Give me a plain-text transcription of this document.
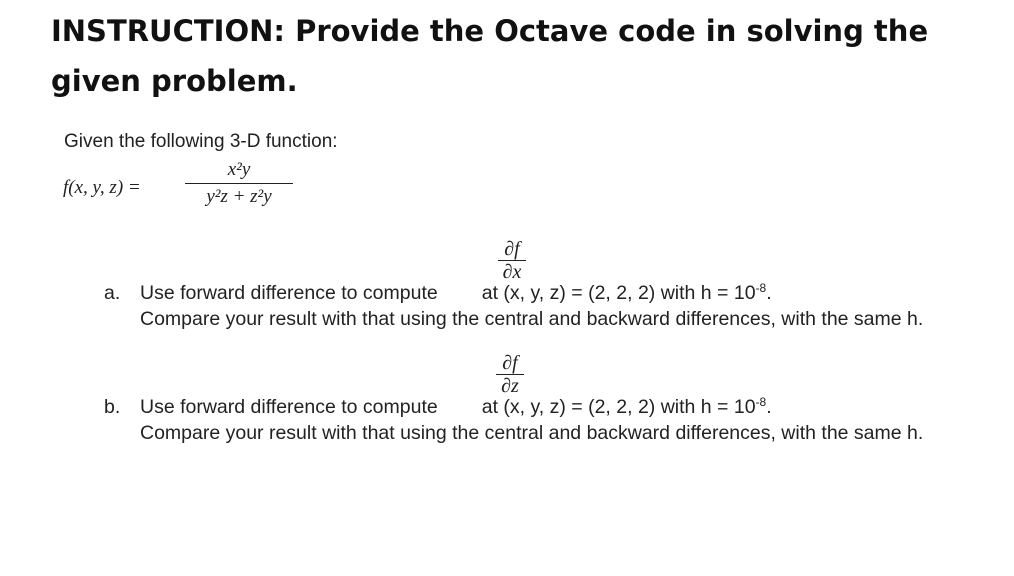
INSTRUCTION: Provide the Octave code in solving the given problem.
Given the following 3-D function:
f(x, y, z) =
x²y
y²z + z²y
∂f
∂x
a. Use forward difference to compute at (x, y, z) = (2, 2, 2) with $h = 10^{-8}$.
Compare your result with that using the central and backward differences, with the same h.
∂f
∂z
b. Use forward difference to compute at (x, y, z) = (2, 2, 2) with $h = 10^{-8}$.
Compare your result with that using the central and backward differences, with the same h.
